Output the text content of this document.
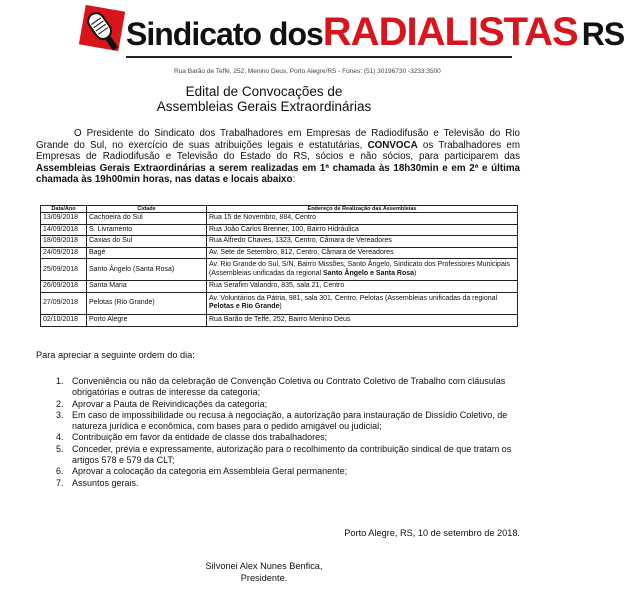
Sindicato dosRADIALISTAS RS
Rua Barão de Teffé, 252, Menino Deus, Porto Alegre/RS - Fones: (51) 30196730 -3233.3500
Edital de Convocações de
Assembleias Gerais Extraordinárias

O Presidente do Sindicato dos Trabalhadores em Empresas de Radiodifusão e Televisão do Rio Grande do Sul, no exercício de suas atribuições legais e estatutárias, CONVOCA os Trabalhadores em Empresas de Radiodifusão e Televisão do Estado do RS, sócios e não sócios, para participarem das Assembleias Gerais Extraordinárias a serem realizadas em 1ª chamada às 18h30min e em 2ª e última chamada às 19h00min horas, nas datas e locais abaixo:

Data/Ano	Cidade	Endereço de Realização das Assembleias
13/09/2018	Cachoeira do Sul	Rua 15 de Novembro, 884, Centro
14/09/2018	S. Livramento	Rua João Carlos Brenner, 100, Bairro Hidráulica
18/09/2018	Caxias do Sul	Rua Alfredo Chaves, 1323, Centro, Câmara de Vereadores
24/09/2018	Bagé	Av. Sete de Setembro, 812, Centro, Câmara de Vereadores
25/09/2018	Santo Ângelo (Santa Rosa)	Av. Rio Grande do Sul, S/N, Bairro Missões, Santo Ângelo, Sindicato dos Professores Municipais (Assembleias unificadas da regional Santo Ângelo e Santa Rosa)
26/09/2018	Santa Maria	Rua Serafim Valandro, 835, sala 21, Centro
27/09/2018	Pelotas (Rio Grande)	Av. Voluntários da Pátria, 981, sala 301, Centro, Pelotas (Assembleias unificadas da regional Pelotas e Rio Grande)
02/10/2018	Porto Alegre	Rua Barão de Teffé, 252, Bairro Menino Deus
Para apreciar a seguinte ordem do dia:
1. Conveniência ou não da celebração de Convenção Coletiva ou Contrato Coletivo de Trabalho com cláusulas obrigatórias e outras de interesse da categoria;
2. Aprovar a Pauta de Reivindicações da categoria;
3. Em caso de impossibilidade ou recusa à negociação, a autorização para instauração de Dissídio Coletivo, de natureza jurídica e econômica, com bases para o pedido amigável ou judicial;
4. Contribuição em favor da entidade de classe dos trabalhadores;
5. Conceder, prévia e expressamente, autorização para o recolhimento da contribuição sindical de que tratam os artigos 578 e 579 da CLT;
6. Aprovar a colocação da categoria em Assembleia Geral permanente;
7. Assuntos gerais.
Porto Alegre, RS, 10 de setembro de 2018.
Silvonei Alex Nunes Benfica,
Presidente.
